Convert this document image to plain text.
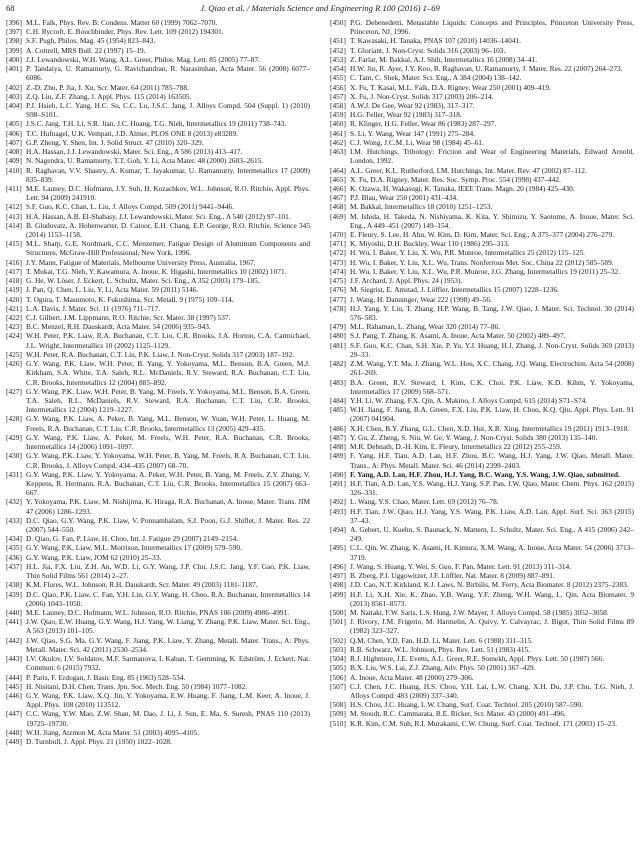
68	J. Qiao et al. / Materials Science and Engineering R 100 (2016) 1–69
[396] M.L. Falk, Phys. Rev. B: Condens. Matter 60 (1999) 7062–7070.
[397] C.H. Rycroft, E. Bouchbinder, Phys. Rev. Lett. 109 (2012) 194301.
[398] S.F. Pugh, Philos. Mag. 45 (1954) 823–843.
[399] A. Cottrell, MRS Bull. 22 (1997) 15–19.
[400] J.J. Lewandowski, W.H. Wang, A.L. Greer, Philos. Mag. Lett. 85 (2005) 77–87.
[401] P. Tandaiya, U. Ramamurty, G. Ravichandran, R. Narasimhan, Acta Mater. 56 (2008) 6077–6086.
[402] Z.-D. Zhu, P. Jia, J. Xu, Scr. Mater. 64 (2011) 785–788.
[403] Z.Q. Liu, Z.F. Zhang, J. Appl. Phys. 115 (2014) 163505.
[404] P.J. Hsieh, L.C. Yang, H.C. Su, C.C. Lu, J.S.C. Jang, J. Alloys Compd. 504 (Suppl. 1) (2010) S98–S101.
[405] J.S.C. Jang, T.H. Li, S.R. Jian, J.C. Huang, T.G. Nieh, Intermetallics 19 (2011) 738–743.
[406] T.C. Hufnagel, U.K. Vempati, J.D. Almer, PLOS ONE 8 (2013) e83289.
[407] G.P. Zheng, Y. Shen, Int. J. Solid Struct. 47 (2010) 320–329.
[408] H.A. Hassan, J.J. Lewandowski, Mater. Sci. Eng., A 586 (2013) 413–417.
[409] N. Nagendra, U. Ramamurty, T.T. Goh, Y. Li, Acta Mater. 48 (2000) 2603–2615.
[410] R. Raghavan, V.V. Shastry, A. Kumar, T. Jayakumar, U. Ramamurty, Intermetallics 17 (2009) 835–839.
[411] M.E. Launey, D.C. Hofmann, J.Y. Suh, H. Kozachkov, W.L. Johnson, R.O. Ritchie, Appl. Phys. Lett. 94 (2009) 241910.
[412] S.F. Guo, K.C. Chan, L. Liu, J. Alloys Compd. 509 (2011) 9441–9446.
[413] H.A. Hassan, A.B. El-Shabasy, J.J. Lewandowski, Mater. Sci. Eng., A 540 (2012) 97–101.
[414] B. Gludovatz, A. Hohenwarter, D. Catoor, E.H. Chang, E.P. George, R.O. Ritchie, Science 345 (2014) 1153–1158.
[415] M.L. Sharp, G.E. Nordmark, C.C. Menzemer, Fatigue Design of Aluminum Components and Structures, McGraw-Hill Professional, New York, 1996.
[416] J.Y. Mann, Fatigue of Materials, Melbourne University Press, Australia, 1967.
[417] T. Mukai, T.G. Nieh, Y. Kawamura, A. Inoue, K. Higashi, Intermetallics 10 (2002) 1071.
[418] G. He, W. Löser, J. Eckert, L. Schultz, Mater. Sci. Eng., A 352 (2003) 179–185.
[419] J. Pan, Q. Chen, L. Liu, Y. Li, Acta Mater. 59 (2011) 5146.
[420] T. Ogura, T. Masumoto, K. Fukushima, Scr. Metall. 9 (1975) 109–114.
[421] L.A. Davis, J. Mater. Sci. 11 (1976) 711–717.
[422] C.J. Gilbert, J.M. Lippmann, R.O. Ritchie, Scr. Mater. 38 (1997) 537.
[423] B.C. Menzel, R.H. Dauskardt, Acta Mater. 54 (2006) 935–943.
[424] W.H. Peter, P.K. Liaw, R.A. Buchanan, C.T. Liu, C.R. Brooks, J.A. Horton, C.A. Carmichael, J.L. Wright, Intermetallics 10 (2002) 1125–1129.
[425] W.H. Peter, R.A. Buchanan, C.T. Liu, P.K. Liaw, J. Non-Cryst. Solids 317 (2003) 187–192.
[426] G.Y. Wang, P.K. Liaw, W.H. Peter, B. Yang, Y. Yokoyama, M.L. Benson, B.A. Green, M.J. Kirkham, S.A. White, T.A. Saleh, R.L. McDaniels, R.V. Steward, R.A. Buchanan, C.T. Liu, C.R. Brooks, Intermetallics 12 (2004) 885–892.
[427] G.Y. Wang, P.K. Liaw, W.H. Peter, B. Yang, M. Freels, Y. Yokoyama, M.L. Benson, B.A. Green, T.A. Saleh, R.L. McDaniels, R.V. Steward, R.A. Buchanan, C.T. Liu, C.R. Brooks, Intermetallics 12 (2004) 1219–1227.
[428] G.Y. Wang, P.K. Liaw, A. Peker, B. Yang, M.L. Benson, W. Yuan, W.H. Peter, L. Huang, M. Freels, R.A. Buchanan, C.T. Liu, C.R. Brooks, Intermetallics 13 (2005) 429–435.
[429] G.Y. Wang, P.K. Liaw, A. Peker, M. Freels, W.H. Peter, R.A. Buchanan, C.R. Brooks, Intermetallics 14 (2006) 1091–1097.
[430] G.Y. Wang, P.K. Liaw, Y. Yokoyama, W.H. Peter, B. Yang, M. Freels, R.A. Buchanan, C.T. Liu, C.R. Brooks, J. Alloys Compd. 434–435 (2007) 68–70.
[431] G.Y. Wang, P.K. Liaw, Y. Yokoyama, A. Peker, W.H. Peter, B. Yang, M. Freels, Z.Y. Zhang, V. Keppens, R. Hermann, R.A. Buchanan, C.T. Liu, C.R. Brooks, Intermetallics 15 (2007) 663–667.
[432] Y. Yokoyama, P.K. Liaw, M. Nishijima, K. Hiraga, R.A. Buchanan, A. Inoue, Mater. Trans. JIM 47 (2006) 1286–1293.
[433] D.C. Qiao, G.Y. Wang, P.K. Liaw, V. Ponnambalam, S.J. Poon, G.J. Shiflet, J. Mater. Res. 22 (2007) 544–550.
[434] D. Qiao, G. Fan, P. Liaw, H. Choo, Int. J. Fatigue 29 (2007) 2149–2154.
[435] G.Y. Wang, P.K. Liaw, M.L. Morrison, Intermetallics 17 (2009) 579–590.
[436] G.Y. Wang, P.K. Liaw, JOM 62 (2010) 25–33.
[437] H.L. Jia, F.X. Liu, Z.H. An, W.D. Li, G.Y. Wang, J.P. Chu, J.S.C. Jang, Y.F. Gao, P.K. Liaw, Thin Solid Films 561 (2014) 2–27.
[438] K.M. Flores, W.L. Johnson, R.H. Dauskardt, Scr. Mater. 49 (2003) 1181–1187.
[439] D.C. Qiao, P.K. Liaw, C. Fan, Y.H. Lin, G.Y. Wang, H. Choo, R.A. Buchanan, Intermetallics 14 (2006) 1043–1050.
[440] M.E. Launey, D.C. Hofmann, W.L. Johnson, R.O. Ritchie, PNAS 106 (2009) 4986–4991.
[441] J.W. Qiao, E.W. Huang, G.Y. Wang, H.J. Yang, W. Liang, Y. Zhang, P.K. Liaw, Mater. Sci. Eng., A 563 (2013) 101–105.
[442] J.W. Qiao, S.G. Ma, G.Y. Wang, F. Jiang, P.K. Liaw, Y. Zhang, Metall. Mater. Trans., A: Phys. Metall. Mater. Sci. 42 (2011) 2530–2534.
[443] I.V. Okulov, I.V. Soldatov, M.F. Sarmanova, I. Kaban, T. Gemming, K. Edström, J. Eckert, Nat. Commun. 6 (2015) 7932.
[444] P. Paris, F. Erdogan, J. Basic Eng. 85 (1963) 528–534.
[445] H. Nisitani, D.H. Chen, Trans. Jpn. Soc. Mech. Eng. 50 (1984) 1077–1082.
[446] G.Y. Wang, P.K. Liaw, X.Q. Jin, Y. Yokoyama, E.W. Huang, F. Jiang, L.M. Keer, A. Inoue, J. Appl. Phys. 108 (2010) 113512.
[447] C.C. Wang, Y.W. Mao, Z.W. Shan, M. Dao, J. Li, J. Sun, E. Ma, S. Suresh, PNAS 110 (2013) 19725–19730.
[448] W.H. Jiang, Atzmon M, Acta Mater. 51 (2003) 4095–4105.
[449] D. Turnbull, J. Appl. Phys. 21 (1950) 1022–1028.
[450] P.G. Debenedetti, Metastable Liquids: Concepts and Principles, Princeton University Press, Princeton, NJ, 1996.
[451] T. Kawasaki, H. Tanaka, PNAS 107 (2010) 14036–14041.
[452] T. Gloriant, J. Non-Cryst. Solids 316 (2003) 96–103.
[453] Z. Farlar, M. Bakkal, A.J. Shih, Intermetallics 16 (2008) 34–41.
[454] H.W. Jin, R. Ayer, J.Y. Koo, R. Raghavan, U. Ramamurty, J. Mater. Res. 22 (2007) 264–273.
[455] C. Tam, C. Shek, Mater. Sci. Eng., A 384 (2004) 138–142.
[456] X. Fu, T. Kasai, M.L. Falk, D.A. Rigney, Wear 250 (2001) 409–419.
[457] X. Fu, J. Non-Cryst. Solids 317 (2003) 206–214.
[458] A.W.J. De Gee, Wear 92 (1983), 317–317.
[459] H.G. Feller, Wear 92 (1983) 317–318.
[460] R. Klinger, H.G. Feller, Wear 86 (1983) 287–297.
[461] S. Li, Y. Wang, Wear 147 (1991) 275–284.
[462] C.J. Wong, J.C.M. Li, Wear 98 (1984) 45–61.
[463] I.M. Hutchings, Tribology: Friction and Wear of Engineering Materials, Edward Arnold, London, 1992.
[464] A.L. Greer, K.L. Rutherford, I.M. Hutchings, Int. Mater. Rev. 47 (2002) 87–112.
[465] X. Fu, D.A. Rigney, Mater. Res. Soc. Symp. Proc. 554 (1998) 437–442.
[466] K. Ozawa, H. Wakasugi, K. Tanaka, IEEE Trans. Magn. 20 (1984) 425–430.
[467] P.J. Blau, Wear 250 (2001) 431–434.
[468] M. Bakkal, Intermetallics 18 (2010) 1251–1253.
[469] M. Ishida, H. Takeda, N. Nishiyama, K. Kita, Y. Shimizu, Y. Saotome, A. Inoue, Mater. Sci. Eng., A 449–451 (2007) 149–154.
[470] E. Fleury, S. Lee, H. Ahn, W. Kim, D. Kim, Mater. Sci. Eng., A 375–377 (2004) 276–279.
[471] K. Miyoshi, D.H. Buckley, Wear 110 (1986) 295–313.
[472] H. Wu, I. Baker, Y. Liu, X. Wu, P.R. Munroe, Intermetallics 25 (2012) 115–125.
[473] H. Wu, I. Baker, Y. Liu, X.L. Wu, Trans. Nonferrous Met. Soc. China 22 (2012) 585–589.
[474] H. Wu, I. Baker, Y. Liu, X.L. Wu, P.R. Munroe, J.G. Zhang, Intermetallics 19 (2011) 25–32.
[475] J.F. Archard, J. Appl. Phys. 24 (1953).
[476] M. Siegrist, E. Amstad, J. Löffler, Intermetallics 15 (2007) 1228–1236.
[477] J. Wang, H. Danninger, Wear 222 (1998) 49–56.
[478] H.J. Yang, Y. Liu, T. Zhang, H.P. Wang, B. Tang, J.W. Qiao, J. Mater. Sci. Technol. 30 (2014) 576–583.
[479] M.L. Rahaman, L. Zhang, Wear 320 (2014) 77–86.
[480] S.J. Pang, T. Zhang, K. Asami, A. Inoue, Acta Mater. 50 (2002) 489–497.
[481] S.F. Guo, K.C. Chan, S.H. Xie, P. Yu, Y.J. Huang, H.J. Zhang, J. Non-Cryst. Solids 369 (2013) 29–33.
[482] Z.M. Wang, Y.T. Ma, J. Zhang, W.L. Hou, X.C. Chang, J.Q. Wang, Electrochim. Acta 54 (2008) 261–269.
[483] B.A. Green, R.V. Steward, I. Kim, C.K. Choi, P.K. Liaw, K.D. Kihm, Y. Yokoyama, Intermetallics 17 (2009) 568–571.
[484] Y.H. Li, W. Zhang, F.X. Qin, A. Makino, J. Alloys Compd. 615 (2014) S71–S74.
[485] W.H. Jiang, F. Jiang, B.A. Green, F.X. Liu, P.K. Liaw, H. Choo, K.Q. Qiu, Appl. Phys. Lett. 91 (2007) 041904.
[486] X.H. Chen, B.Y. Zhang, G.L. Chen, X.D. Hui, X.R. Xing, Intermetallics 19 (2011) 1913–1918.
[487] Y. Gu, Z. Zheng, S. Niu, W. Ge, Y. Wang, J. Non-Cryst. Solids 380 (2013) 135–140.
[488] M.R. Debnath, D.-H. Kim, E. Fleury, Intermetallics 22 (2012) 255–259.
[489] F. Yang, H.F. Tian, A.D. Lan, H.F. Zhou, B.C. Wang, H.J. Yang, J.W. Qiao, Metall. Mater. Trans., A: Phys. Metall. Mater. Sci. 46 (2014) 2399–2403.
[490] F. Yang, A.D. Lan, H.F. Zhou, H.J. Yang, B.C. Wang, Y.S. Wang, J.W. Qiao, submitted.
[491] H.F. Tian, A.D. Lan, Y.S. Wang, H.J. Yang, S.P. Pan, J.W. Qiao, Mater. Chem. Phys. 162 (2015) 326–331.
[492] L. Wang, Y.S. Chao, Mater. Lett. 69 (2012) 76–78.
[493] H.F. Tian, J.W. Qiao, H.J. Yang, Y.S. Wang, P.K. Liaw, A.D. Lan, Appl. Surf. Sci. 363 (2015) 37–43.
[494] A. Gebert, U. Kuehn, S. Baunack, N. Mattern, L. Schultz, Mater. Sci. Eng., A 415 (2006) 242–249.
[495] C.L. Qin, W. Zhang, K. Asami, H. Kimura, X.M. Wang, A. Inoue, Acta Mater. 54 (2006) 3713–3719.
[496] J. Wang, S. Huang, Y. Wei, S. Guo, F. Pan, Mater. Lett. 91 (2013) 311–314.
[497] B. Zberg, P.J. Uggowitzer, J.F. Löffler, Nat. Mater. 8 (2009) 887–891.
[498] J.D. Cao, N.T. Kirkland, K.J. Laws, N. Birbilis, M. Ferry, Acta Biomater. 8 (2012) 2375–2383.
[499] H.F. Li, X.H. Xie, K. Zhao, Y.B. Wang, Y.F. Zheng, W.H. Wang, L. Qin, Acta Biomater. 9 (2013) 8561–8573.
[500] M. Naitaki, F.W. Saris, L.S. Hung, J.W. Mayer, J. Alloys Compd. 58 (1985) 3052–3058.
[501] J. Rivory, J.M. Frigerio, M. Harmelin, A. Quivy, Y. Calvayrac, J. Bigot, Thin Solid Films 89 (1982) 323–327.
[502] Q.M. Chen, Y.D. Fan, H.D. Li, Mater. Lett. 6 (1988) 311–315.
[503] R.B. Schwarz, W.L. Johnson, Phys. Rev. Lett. 51 (1983) 415.
[504] R.J. Highmore, J.E. Evetts, A.L. Greer, R.E. Somekh, Appl. Phys. Lett. 50 (1987) 566.
[505] B.X. Liu, W.S. Lai, Z.J. Zhang, Adv. Phys. 50 (2001) 367–429.
[506] A. Inoue, Acta Mater. 48 (2000) 279–306.
[507] C.J. Chen, J.C. Huang, H.S. Chou, Y.H. Lai, L.W. Chang, X.H. Du, J.P. Chu, T.G. Nieh, J. Alloys Compd. 483 (2009) 337–340.
[508] H.S. Chou, J.C. Huang, L.W. Chang, Surf. Coat. Technol. 205 (2010) 587–590.
[509] M. Stoudt, R.C. Cammarata, R.E. Ricker, Scr. Mater. 43 (2000) 491–496.
[510] K.R. Kim, C.M. Suh, R.I. Murakami, C.W. Chung, Surf. Coat. Technol. 171 (2003) 15–23.
